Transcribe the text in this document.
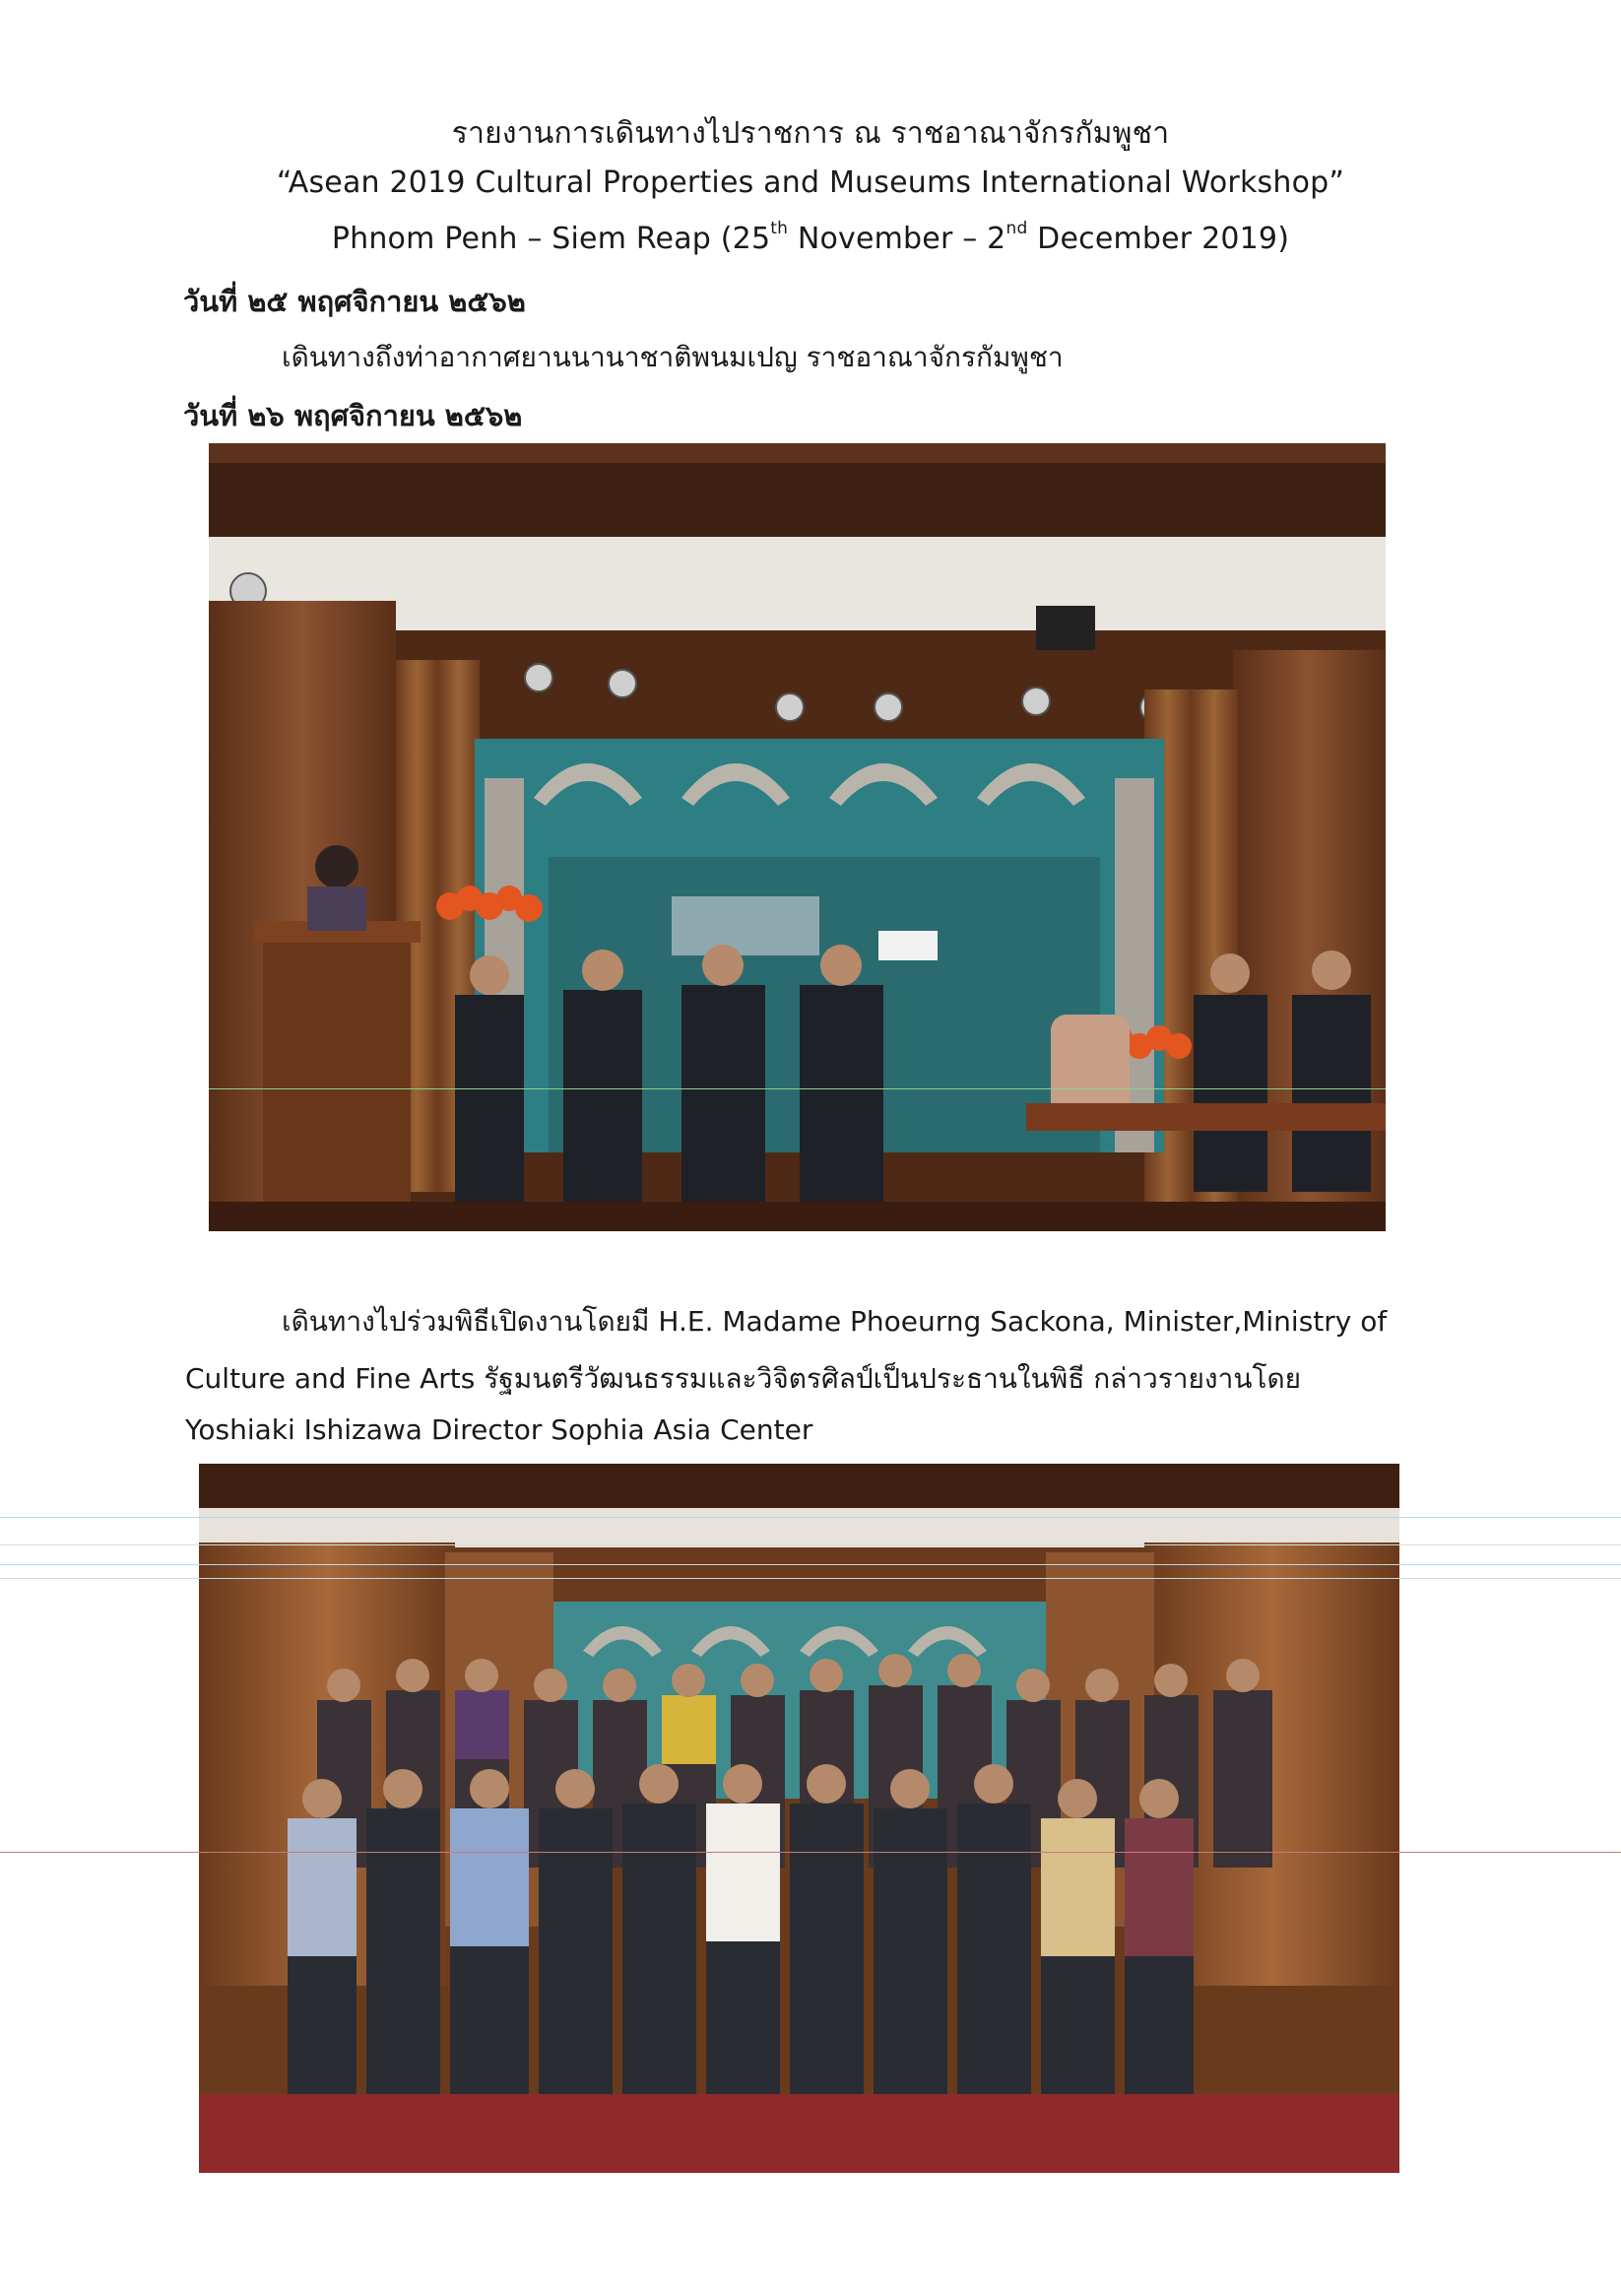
รายงานการเดินทางไปราชการ ณ ราชอาณาจักรกัมพูชา
“Asean 2019 Cultural Properties and Museums International Workshop”
Phnom Penh – Siem Reap (25th November – 2nd December 2019)
วันที่ ๒๕ พฤศจิกายน ๒๕๖๒
เดินทางถึงท่าอากาศยานนานาชาติพนมเปญ ราชอาณาจักรกัมพูชา
วันที่ ๒๖ พฤศจิกายน ๒๕๖๒
เดินทางไปร่วมพิธีเปิดงานโดยมี H.E. Madame Phoeurng Sackona, Minister,Ministry of
Culture and Fine Arts รัฐมนตรีวัฒนธรรมและวิจิตรศิลป์เป็นประธานในพิธี กล่าวรายงานโดย
Yoshiaki Ishizawa Director Sophia Asia Center
